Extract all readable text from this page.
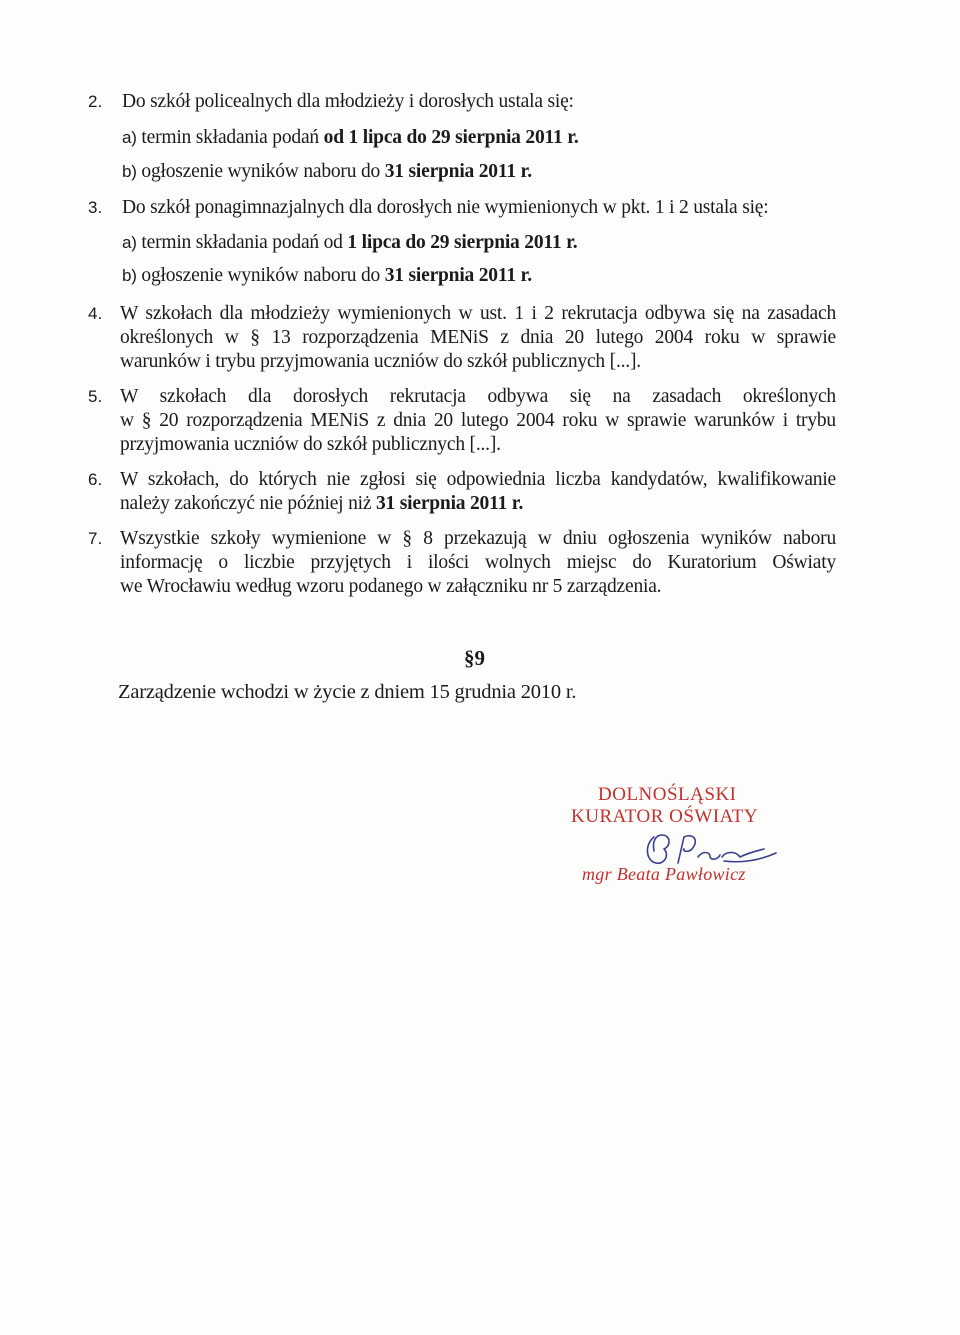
2. Do szkół policealnych dla młodzieży i dorosłych ustala się:
a) termin składania podań od 1 lipca do 29 sierpnia 2011 r.
b) ogłoszenie wyników naboru do 31 sierpnia 2011 r.
3. Do szkół ponagimnazjalnych dla dorosłych nie wymienionych w pkt. 1 i 2 ustala się:
a) termin składania podań od 1 lipca do 29 sierpnia 2011 r.
b) ogłoszenie wyników naboru do 31 sierpnia 2011 r.
4. W szkołach dla młodzieży wymienionych w ust. 1 i 2 rekrutacja odbywa się na zasadach
określonych w § 13 rozporządzenia MENiS z dnia 20 lutego 2004 roku w sprawie
warunków i trybu przyjmowania uczniów do szkół publicznych [...].
5. W szkołach dla dorosłych rekrutacja odbywa się na zasadach określonych
w § 20 rozporządzenia MENiS z dnia 20 lutego 2004 roku w sprawie warunków i trybu
przyjmowania uczniów do szkół publicznych [...].
6. W szkołach, do których nie zgłosi się odpowiednia liczba kandydatów, kwalifikowanie
należy zakończyć nie później niż 31 sierpnia 2011 r.
7. Wszystkie szkoły wymienione w § 8 przekazują w dniu ogłoszenia wyników naboru
informację o liczbie przyjętych i ilości wolnych miejsc do Kuratorium Oświaty
we Wrocławiu według wzoru podanego w załączniku nr 5 zarządzenia.
§9
Zarządzenie wchodzi w życie z dniem 15 grudnia 2010 r.
DOLNOŚLĄSKI
KURATOR OŚWIATY
mgr Beata Pawłowicz
